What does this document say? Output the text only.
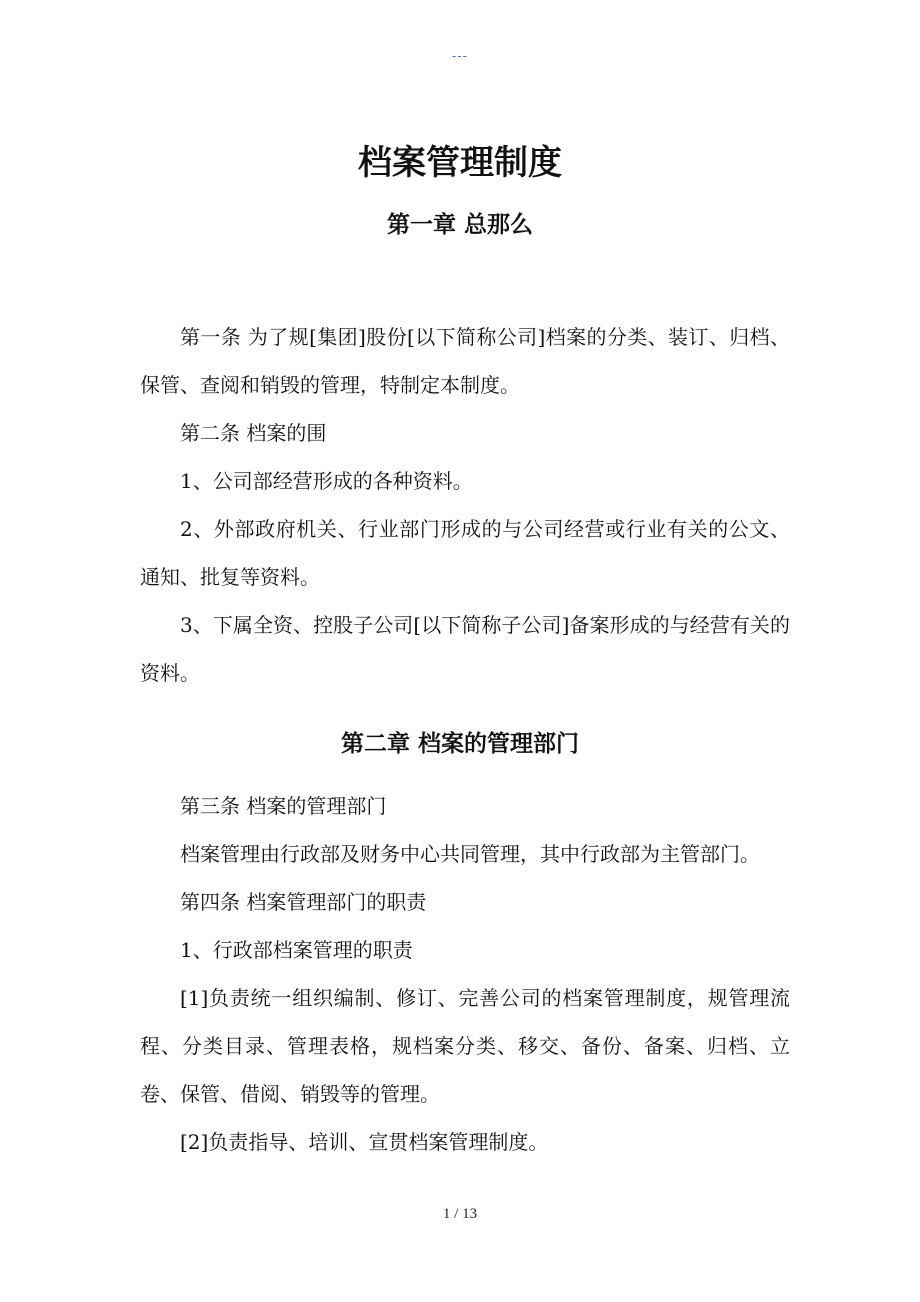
---
档案管理制度
第一章 总那么

第一条 为了规[集团]股份[以下简称公司]档案的分类、装订、归档、保管、查阅和销毁的管理，特制定本制度。

第二条 档案的围

1、公司部经营形成的各种资料。

2、外部政府机关、行业部门形成的与公司经营或行业有关的公文、通知、批复等资料。

3、下属全资、控股子公司[以下简称子公司]备案形成的与经营有关的资料。

第二章 档案的管理部门

第三条 档案的管理部门

档案管理由行政部及财务中心共同管理，其中行政部为主管部门。

第四条 档案管理部门的职责

1、行政部档案管理的职责

[1]负责统一组织编制、修订、完善公司的档案管理制度，规管理流程、分类目录、管理表格，规档案分类、移交、备份、备案、归档、立卷、保管、借阅、销毁等的管理。

[2]负责指导、培训、宣贯档案管理制度。

1 / 13
